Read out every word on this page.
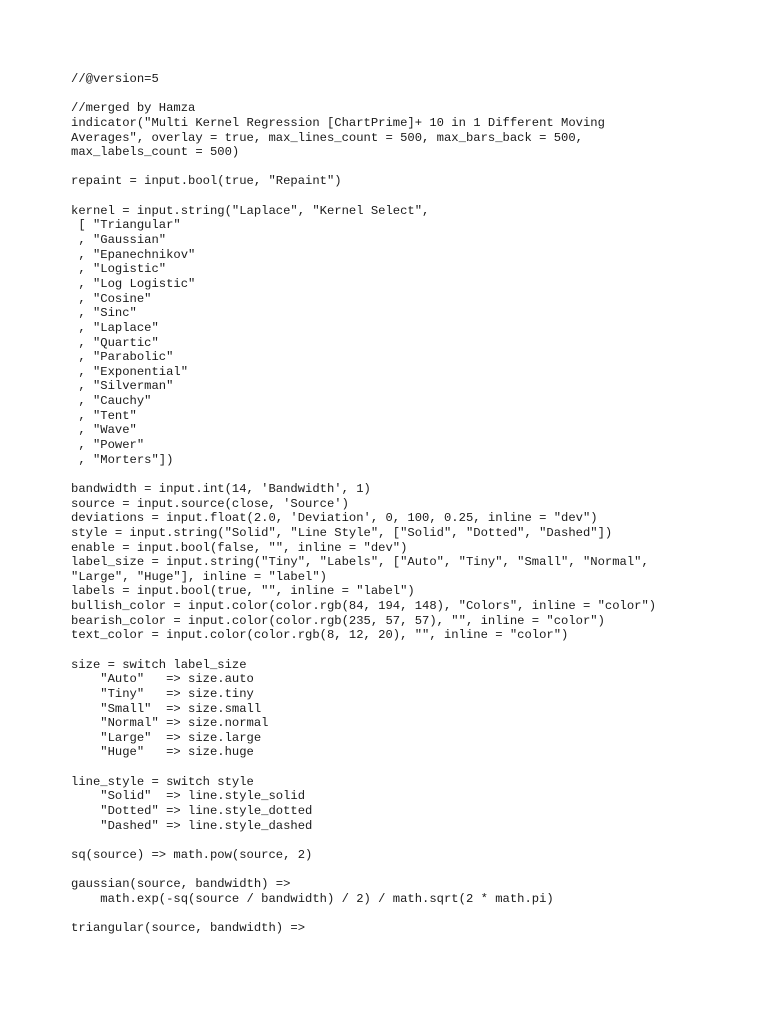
//@version=5
//merged by Hamza
indicator("Multi Kernel Regression [ChartPrime]+ 10 in 1 Different Moving
Averages", overlay = true, max_lines_count = 500, max_bars_back = 500,
max_labels_count = 500)
repaint = input.bool(true, "Repaint")
kernel = input.string("Laplace", "Kernel Select",
[ "Triangular"
, "Gaussian"
, "Epanechnikov"
, "Logistic"
, "Log Logistic"
, "Cosine"
, "Sinc"
, "Laplace"
, "Quartic"
, "Parabolic"
, "Exponential"
, "Silverman"
, "Cauchy"
, "Tent"
, "Wave"
, "Power"
, "Morters"])
bandwidth = input.int(14, 'Bandwidth', 1)
source = input.source(close, 'Source')
deviations = input.float(2.0, 'Deviation', 0, 100, 0.25, inline = "dev")
style = input.string("Solid", "Line Style", ["Solid", "Dotted", "Dashed"])
enable = input.bool(false, "", inline = "dev")
label_size = input.string("Tiny", "Labels", ["Auto", "Tiny", "Small", "Normal",
"Large", "Huge"], inline = "label")
labels = input.bool(true, "", inline = "label")
bullish_color = input.color(color.rgb(84, 194, 148), "Colors", inline = "color")
bearish_color = input.color(color.rgb(235, 57, 57), "", inline = "color")
text_color = input.color(color.rgb(8, 12, 20), "", inline = "color")
size = switch label_size
"Auto"   => size.auto
"Tiny"   => size.tiny
"Small"  => size.small
"Normal" => size.normal
"Large"  => size.large
"Huge"   => size.huge
line_style = switch style
"Solid"  => line.style_solid
"Dotted" => line.style_dotted
"Dashed" => line.style_dashed
sq(source) => math.pow(source, 2)
gaussian(source, bandwidth) =>
math.exp(-sq(source / bandwidth) / 2) / math.sqrt(2 * math.pi)
triangular(source, bandwidth) =>
